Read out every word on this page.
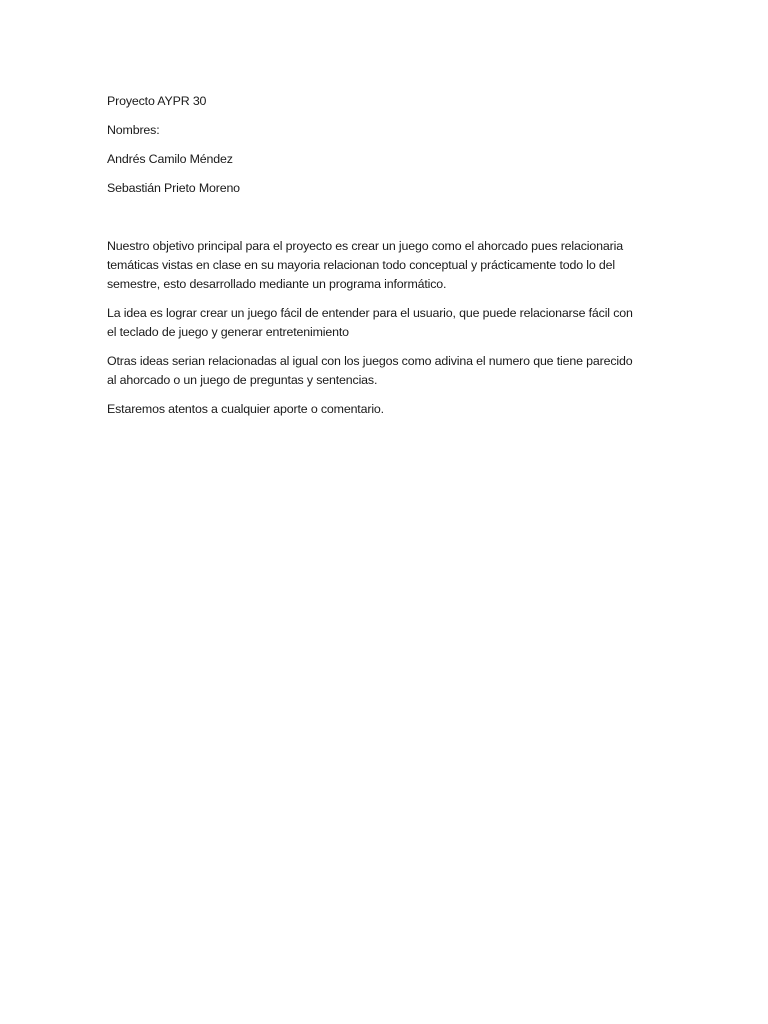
Proyecto AYPR 30

Nombres:

Andrés Camilo Méndez

Sebastián Prieto Moreno

Nuestro objetivo principal para el proyecto es crear un juego como el ahorcado pues relacionaria

temáticas vistas en clase en su mayoria relacionan todo conceptual y prácticamente todo lo del

semestre, esto desarrollado mediante un programa informático.

La idea es lograr crear un juego fácil de entender para el usuario, que puede relacionarse fácil con

el teclado de juego y generar entretenimiento

Otras ideas serian relacionadas al igual con los juegos como adivina el numero que tiene parecido

al ahorcado o un juego de preguntas y sentencias.

Estaremos atentos a cualquier aporte o comentario.
